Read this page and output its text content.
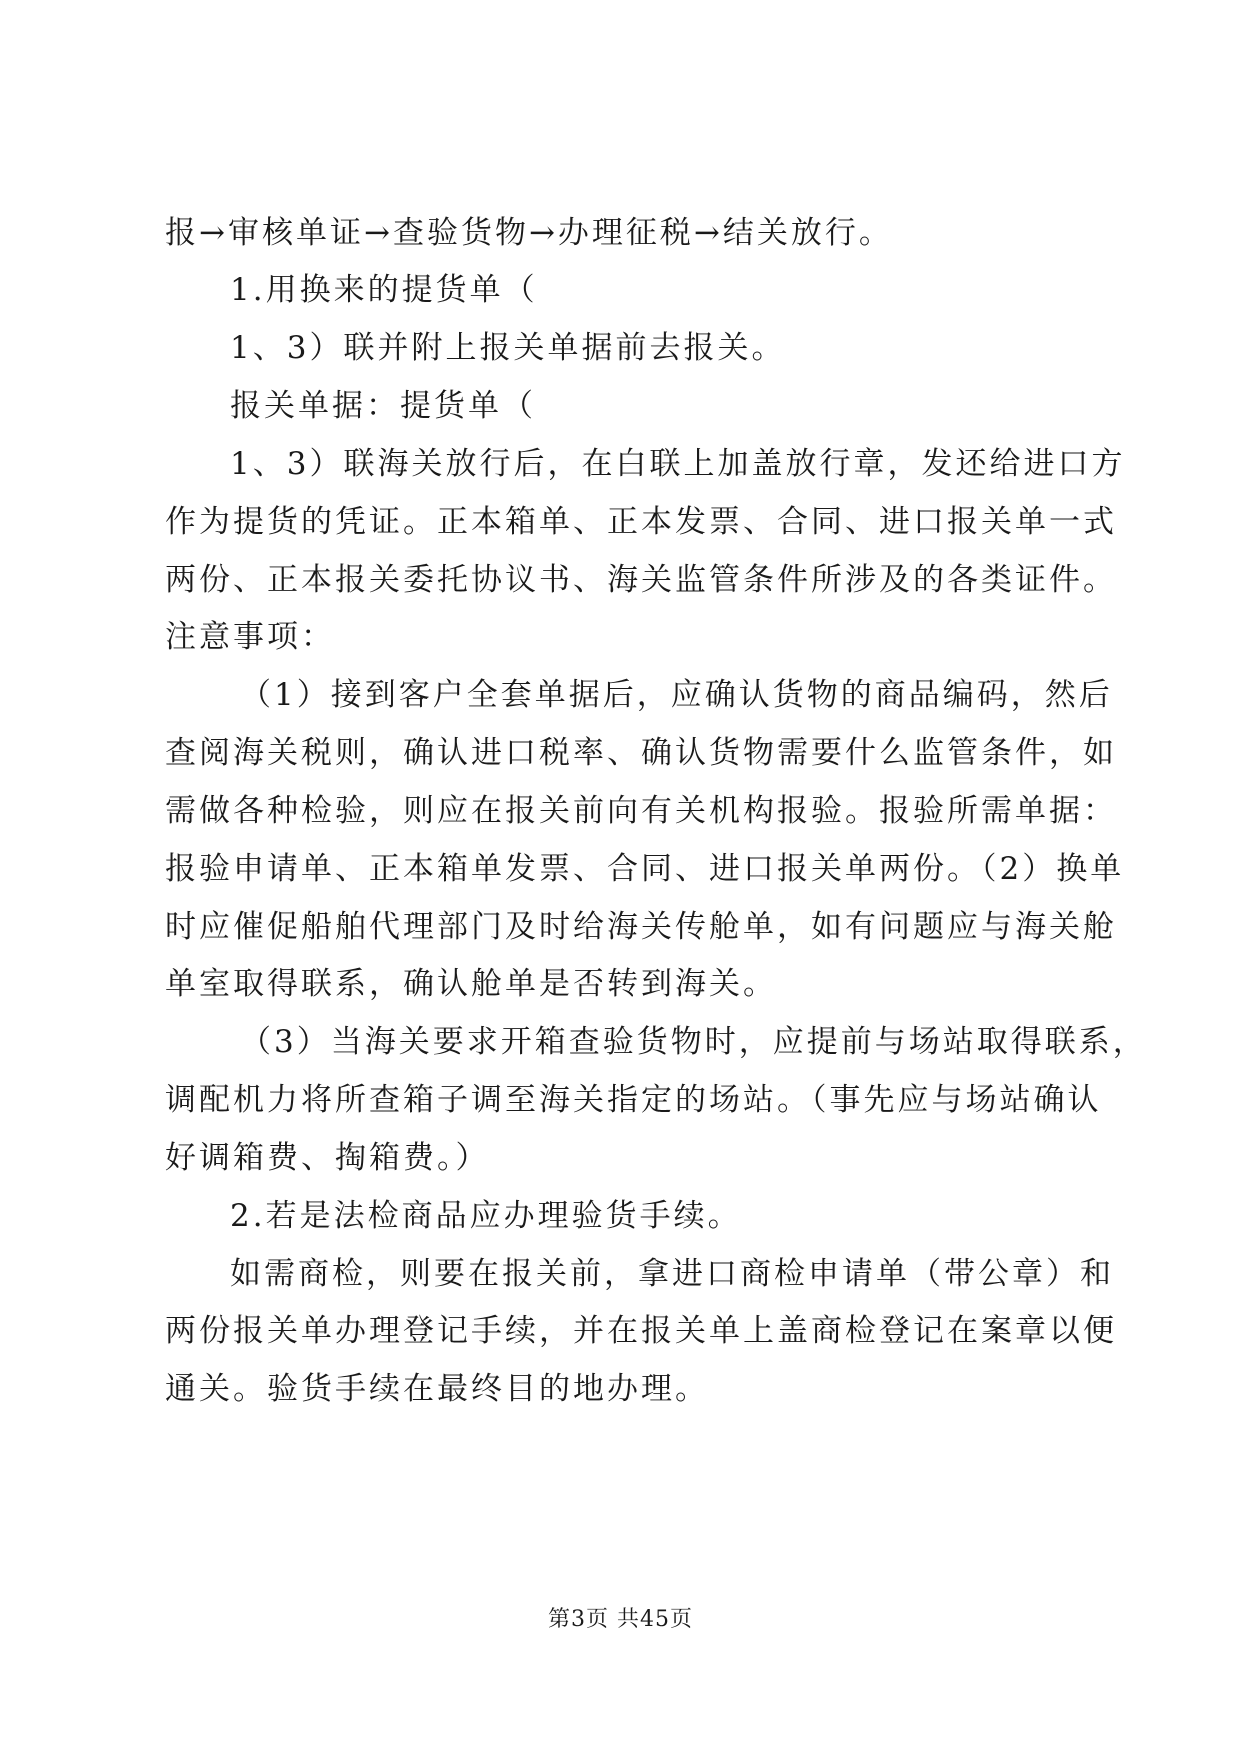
报→审核单证→查验货物→办理征税→结关放行。
1.用换来的提货单（
1、3）联并附上报关单据前去报关。
报关单据：提货单（
1、3）联海关放行后，在白联上加盖放行章，发还给进口方
作为提货的凭证。正本箱单、正本发票、合同、进口报关单一式
两份、正本报关委托协议书、海关监管条件所涉及的各类证件。
注意事项：
（1）接到客户全套单据后，应确认货物的商品编码，然后
查阅海关税则，确认进口税率、确认货物需要什么监管条件，如
需做各种检验，则应在报关前向有关机构报验。报验所需单据：
报验申请单、正本箱单发票、合同、进口报关单两份。（2）换单
时应催促船舶代理部门及时给海关传舱单，如有问题应与海关舱
单室取得联系，确认舱单是否转到海关。
（3）当海关要求开箱查验货物时，应提前与场站取得联系，
调配机力将所查箱子调至海关指定的场站。（事先应与场站确认
好调箱费、掏箱费。）
2.若是法检商品应办理验货手续。
如需商检，则要在报关前，拿进口商检申请单（带公章）和
两份报关单办理登记手续，并在报关单上盖商检登记在案章以便
通关。验货手续在最终目的地办理。
第3页 共45页
